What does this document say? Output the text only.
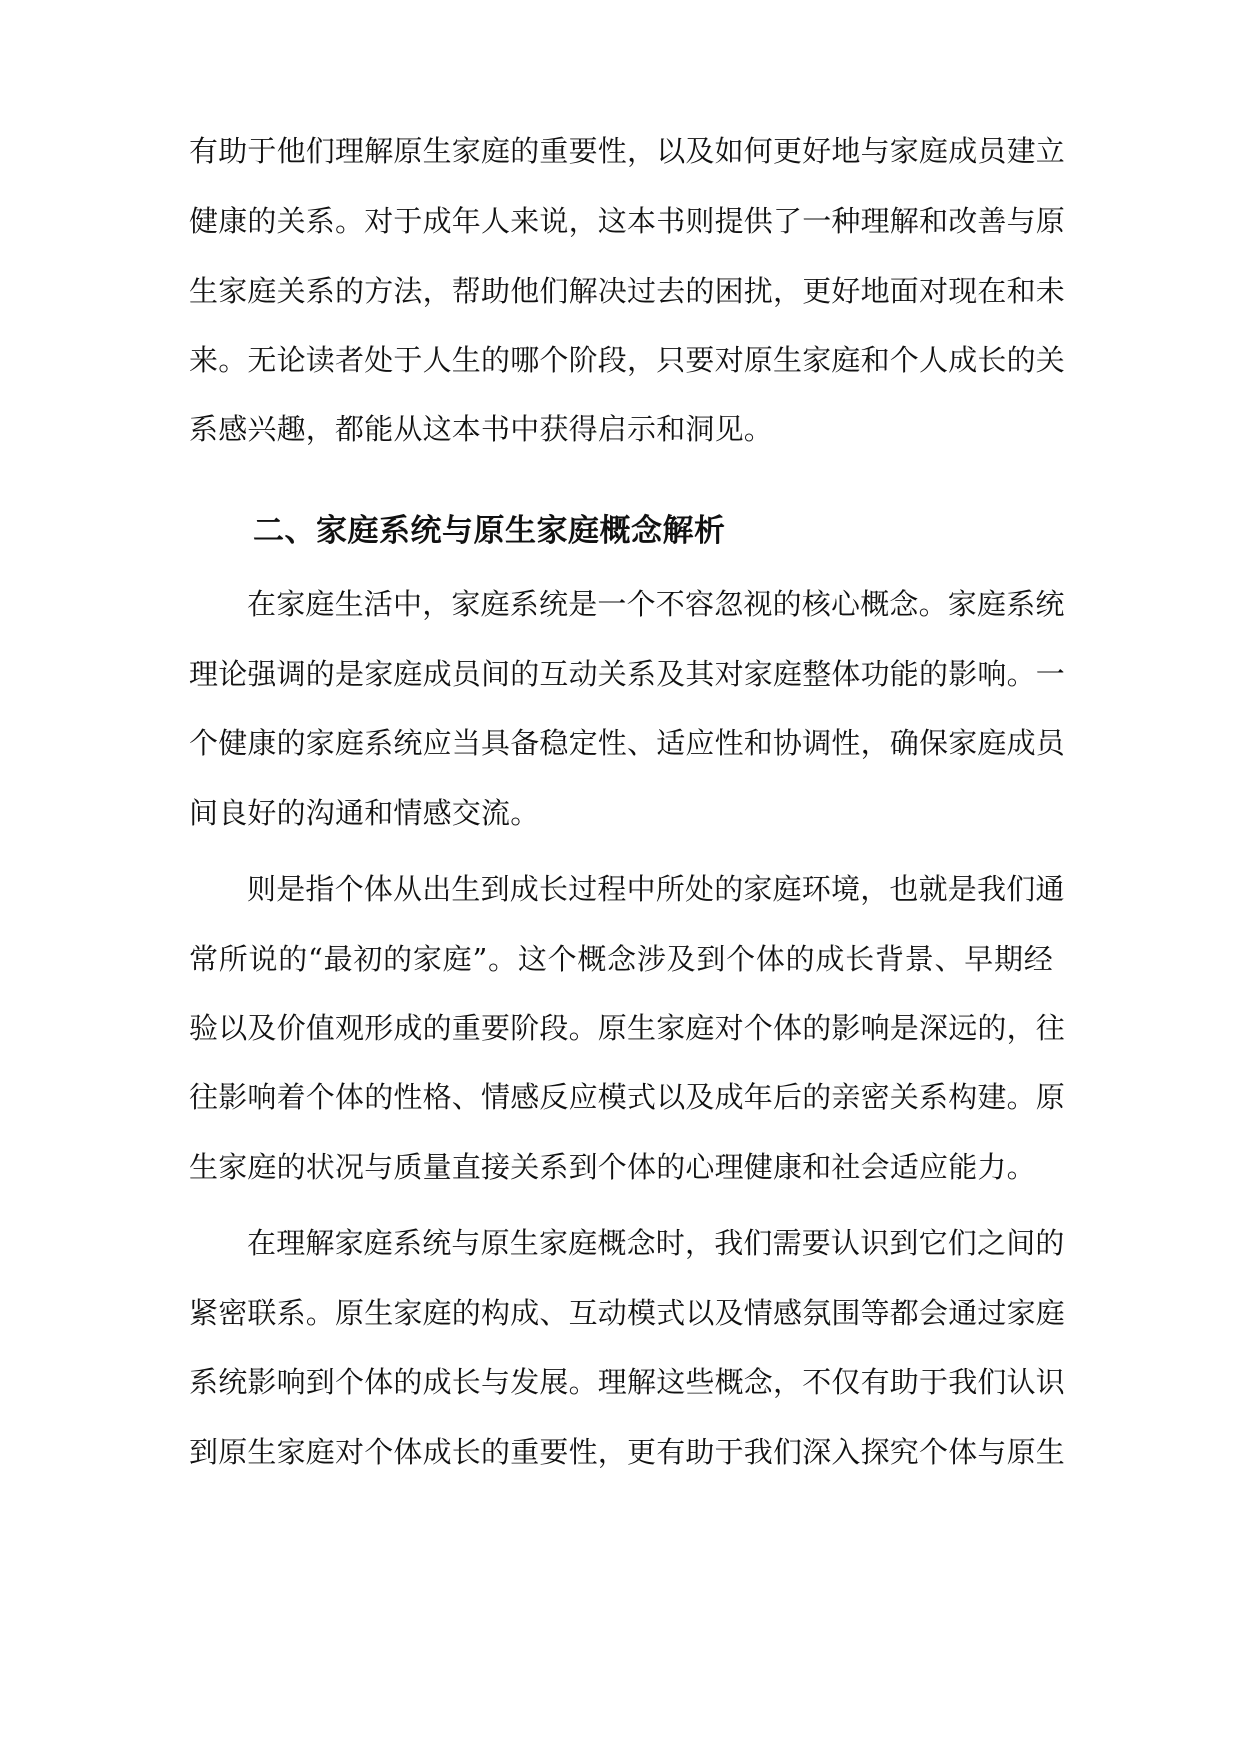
有助于他们理解原生家庭的重要性，以及如何更好地与家庭成员建立
健康的关系。对于成年人来说，这本书则提供了一种理解和改善与原
生家庭关系的方法，帮助他们解决过去的困扰，更好地面对现在和未
来。无论读者处于人生的哪个阶段，只要对原生家庭和个人成长的关
系感兴趣，都能从这本书中获得启示和洞见。
二、家庭系统与原生家庭概念解析
在家庭生活中，家庭系统是一个不容忽视的核心概念。家庭系统
理论强调的是家庭成员间的互动关系及其对家庭整体功能的影响。一
个健康的家庭系统应当具备稳定性、适应性和协调性，确保家庭成员
间良好的沟通和情感交流。
则是指个体从出生到成长过程中所处的家庭环境，也就是我们通
常所说的“最初的家庭”。这个概念涉及到个体的成长背景、早期经
验以及价值观形成的重要阶段。原生家庭对个体的影响是深远的，往
往影响着个体的性格、情感反应模式以及成年后的亲密关系构建。原
生家庭的状况与质量直接关系到个体的心理健康和社会适应能力。
在理解家庭系统与原生家庭概念时，我们需要认识到它们之间的
紧密联系。原生家庭的构成、互动模式以及情感氛围等都会通过家庭
系统影响到个体的成长与发展。理解这些概念，不仅有助于我们认识
到原生家庭对个体成长的重要性，更有助于我们深入探究个体与原生
